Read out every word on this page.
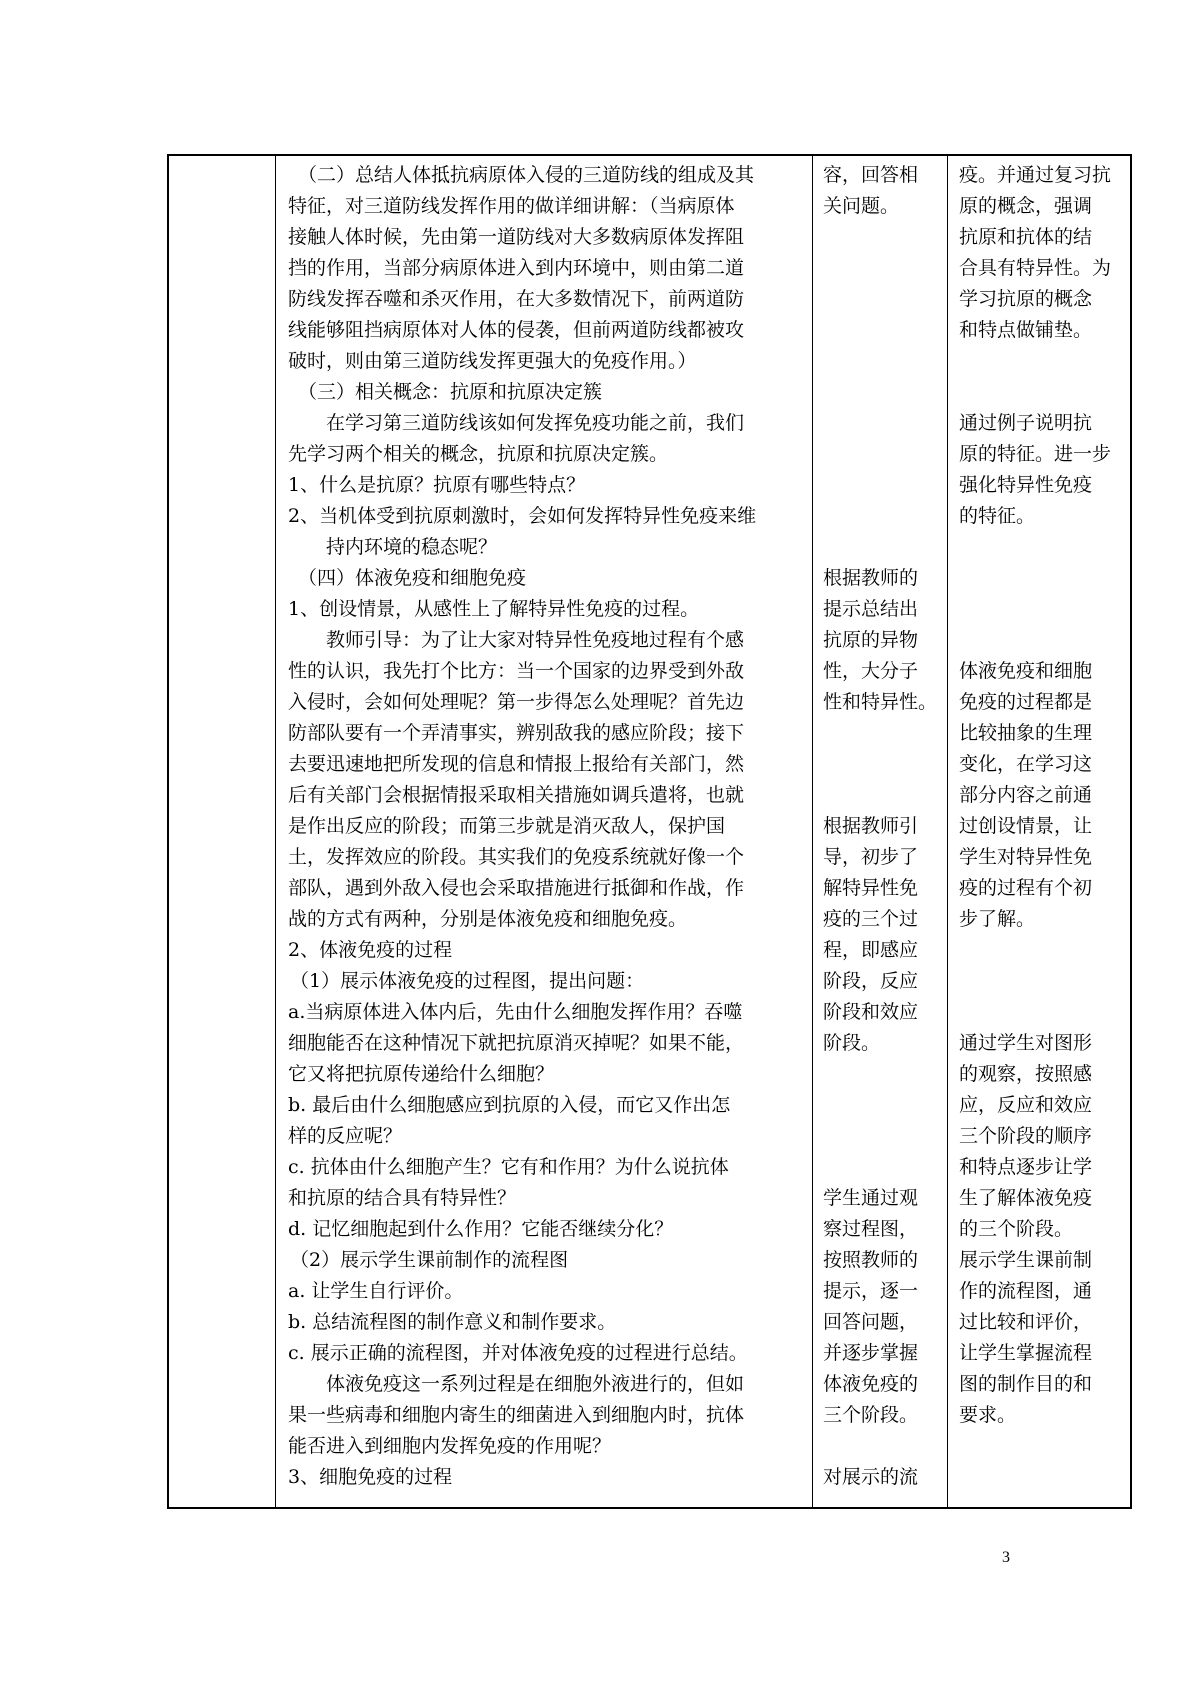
（二）总结人体抵抗病原体入侵的三道防线的组成及其
特征，对三道防线发挥作用的做详细讲解：（当病原体
接触人体时候，先由第一道防线对大多数病原体发挥阻
挡的作用，当部分病原体进入到内环境中，则由第二道
防线发挥吞噬和杀灭作用，在大多数情况下，前两道防
线能够阻挡病原体对人体的侵袭，但前两道防线都被攻
破时，则由第三道防线发挥更强大的免疫作用。）
（三）相关概念：抗原和抗原决定簇
在学习第三道防线该如何发挥免疫功能之前，我们
先学习两个相关的概念，抗原和抗原决定簇。
1、什么是抗原？抗原有哪些特点？
2、当机体受到抗原刺激时，会如何发挥特异性免疫来维
持内环境的稳态呢？
（四）体液免疫和细胞免疫
1、创设情景，从感性上了解特异性免疫的过程。
教师引导：为了让大家对特异性免疫地过程有个感
性的认识，我先打个比方：当一个国家的边界受到外敌
入侵时，会如何处理呢？第一步得怎么处理呢？首先边
防部队要有一个弄清事实，辨别敌我的感应阶段；接下
去要迅速地把所发现的信息和情报上报给有关部门，然
后有关部门会根据情报采取相关措施如调兵遣将，也就
是作出反应的阶段；而第三步就是消灭敌人，保护国
土，发挥效应的阶段。其实我们的免疫系统就好像一个
部队，遇到外敌入侵也会采取措施进行抵御和作战，作
战的方式有两种，分别是体液免疫和细胞免疫。
2、体液免疫的过程
（1）展示体液免疫的过程图，提出问题：
a.当病原体进入体内后，先由什么细胞发挥作用？吞噬
细胞能否在这种情况下就把抗原消灭掉呢？如果不能，
它又将把抗原传递给什么细胞？
b. 最后由什么细胞感应到抗原的入侵，而它又作出怎
样的反应呢？
c. 抗体由什么细胞产生？它有和作用？为什么说抗体
和抗原的结合具有特异性？
d. 记忆细胞起到什么作用？它能否继续分化？
（2）展示学生课前制作的流程图
a. 让学生自行评价。
b. 总结流程图的制作意义和制作要求。
c. 展示正确的流程图，并对体液免疫的过程进行总结。
体液免疫这一系列过程是在细胞外液进行的，但如
果一些病毒和细胞内寄生的细菌进入到细胞内时，抗体
能否进入到细胞内发挥免疫的作用呢？
3、细胞免疫的过程
容，回答相
关问题。
根据教师的
提示总结出
抗原的异物
性，大分子
性和特异性。
根据教师引
导，初步了
解特异性免
疫的三个过
程，即感应
阶段，反应
阶段和效应
阶段。
学生通过观
察过程图，
按照教师的
提示，逐一
回答问题，
并逐步掌握
体液免疫的
三个阶段。
对展示的流
疫。并通过复习抗
原的概念，强调
抗原和抗体的结
合具有特异性。为
学习抗原的概念
和特点做铺垫。
通过例子说明抗
原的特征。进一步
强化特异性免疫
的特征。
体液免疫和细胞
免疫的过程都是
比较抽象的生理
变化，在学习这
部分内容之前通
过创设情景，让
学生对特异性免
疫的过程有个初
步了解。
通过学生对图形
的观察，按照感
应，反应和效应
三个阶段的顺序
和特点逐步让学
生了解体液免疫
的三个阶段。
展示学生课前制
作的流程图，通
过比较和评价，
让学生掌握流程
图的制作目的和
要求。
3
